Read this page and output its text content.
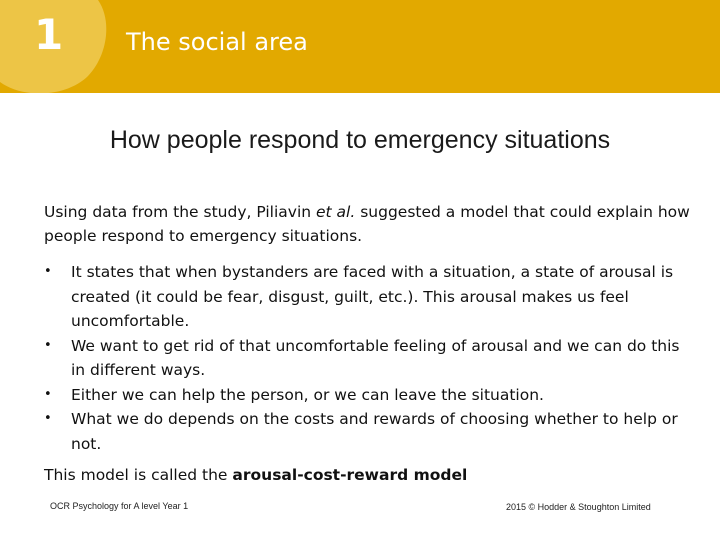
1	The social area
How people respond to emergency situations
Using data from the study, Piliavin et al. suggested a model that could explain how people respond to emergency situations.
•	It states that when bystanders are faced with a situation, a state of arousal is created (it could be fear, disgust, guilt, etc.). This arousal makes us feel uncomfortable.
•	We want to get rid of that uncomfortable feeling of arousal and we can do this in different ways.
•	Either we can help the person, or we can leave the situation.
•	What we do depends on the costs and rewards of choosing whether to help or not.
This model is called the arousal-cost-reward model
OCR Psychology for A level Year 1	2015 © Hodder & Stoughton Limited
